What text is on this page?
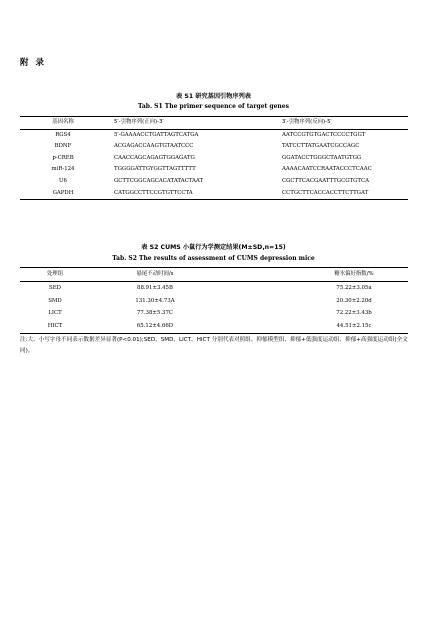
附 录
表 S1 研究基因引物序列表
Tab. S1 The primer sequence of target genes
基因名称	5′-引物序列(正向)-3′	3′-引物序列(反向)-5′
RGS4	5′-GAAAACCTGATTAGTCATGA	AATCCGTGTGACTCCCCTGGT
BDNF	ACGAGACCAAGTGTAATCCC	TATCCTTATGAATCGCCAGC
p-CREB	CAACCAGCAGAGTGGAGATG	GGATACCTGGGCTAATGTGG
miR-124	TGGGGATTGYGGTTAGTTTTT	AAAACAATCCRAATACCCTCAAC
U6	GCTTCGGCAGCACATATACTAAT	CGCTTCACGAATTTGCGTGTCA
GAPDH	CATGGCCTTCCGTGTTCCTA	CCTGCTTCACCACCTTCTTGAT
表 S2 CUMS 小鼠行为学测定结果(M±SD,n=15)
Tab. S2 The results of assessment of CUMS depression mice
处理组	悬尾不动时间/s	糖水偏好指数/%
SED	88.91±3.45B	75.22±3.05a
SMD	131.30±4.73A	20.30±2.20d
LICT	77.38±5.37C	72.22±3.43b
HICT	65.12±4.66D	44.51±2.15c
注:大、小写字母不同表示数据差异显著(P<0.01);SED、SMD、LICT、HICT 分别代表对照组、抑郁模型组、抑郁+低强度运动组、抑郁+高强度运动组(全文同)。
